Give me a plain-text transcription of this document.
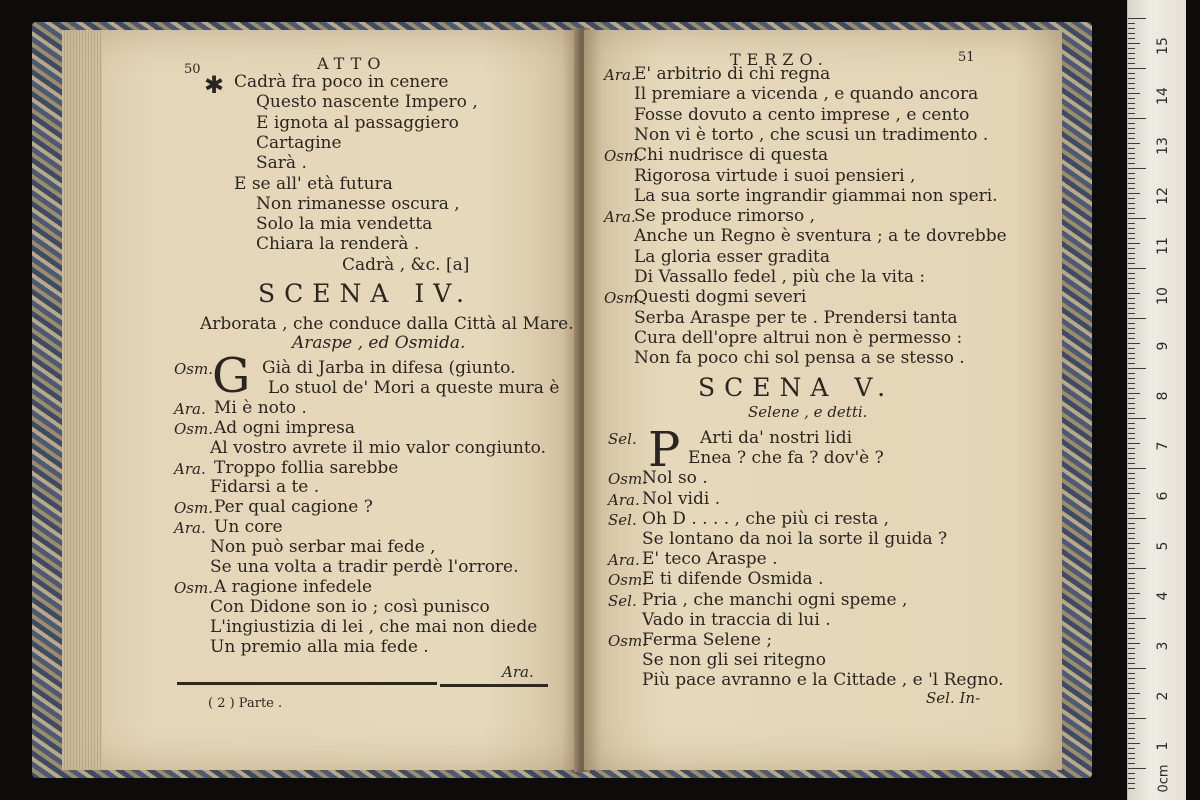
15
14
13
12
11
10
9
8
7
6
5
4
3
2
1
0cm
50	ATTO
✱ Cadrà fra poco in cenere
Questo nascente Impero ,
E ignota al passaggiero
Cartagine
Sarà .
E se all' età futura
Non rimanesse oscura ,
Solo la mia vendetta
Chiara la renderà .
Cadrà , &c. [a]
SCENA IV.
Arborata , che conduce dalla Città al Mare.
Araspe , ed Osmida.
G
Osm.	Già di Jarba in difesa (giunto.
Lo stuol de' Mori a queste mura è
Ara. Mi è noto .
Osm. Ad ogni impresa
Al vostro avrete il mio valor congiunto.
Ara. Troppo follia sarebbe
Fidarsi a te .
Osm. Per qual cagione ?
Ara. Un core
Non può serbar mai fede ,
Se una volta a tradir perdè l'orrore.
Osm. A ragione infedele
Con Didone son io ; così punisco
L'ingiustizia di lei , che mai non diede
Un premio alla mia fede .
Ara.
( 2 ) Parte .
TERZO.	51
Ara.
E' arbitrio di chi regna
Il premiare a vicenda , e quando ancora
Fosse dovuto a cento imprese , e cento
Non vi è torto , che scusi un tradimento .
Osm.
Chi nudrisce di questa
Rigorosa virtude i suoi pensieri ,
La sua sorte ingrandir giammai non speri.
Ara.
Se produce rimorso ,
Anche un Regno è sventura ; a te dovrebbe
La gloria esser gradita
Di Vassallo fedel , più che la vita :
Osm.
Questi dogmi severi
Serba Araspe per te . Prendersi tanta
Cura dell'opre altrui non è permesso :
Non fa poco chi sol pensa a se stesso .
SCENA V.
Selene , e detti.
P
Sel.	Arti da' nostri lidi
Enea ? che fa ? dov'è ?
Osm.
Nol so .
Ara. Nol vidi .
Sel. Oh D . . . . , che più ci resta ,
Se lontano da noi la sorte il guida ?
Ara. E' teco Araspe .
Osm.
E ti difende Osmida .
Sel. Pria , che manchi ogni speme ,
Vado in traccia di lui .
Osm.
Ferma Selene ;
Se non gli sei ritegno
Più pace avranno e la Cittade , e 'l Regno.
Sel. In-
